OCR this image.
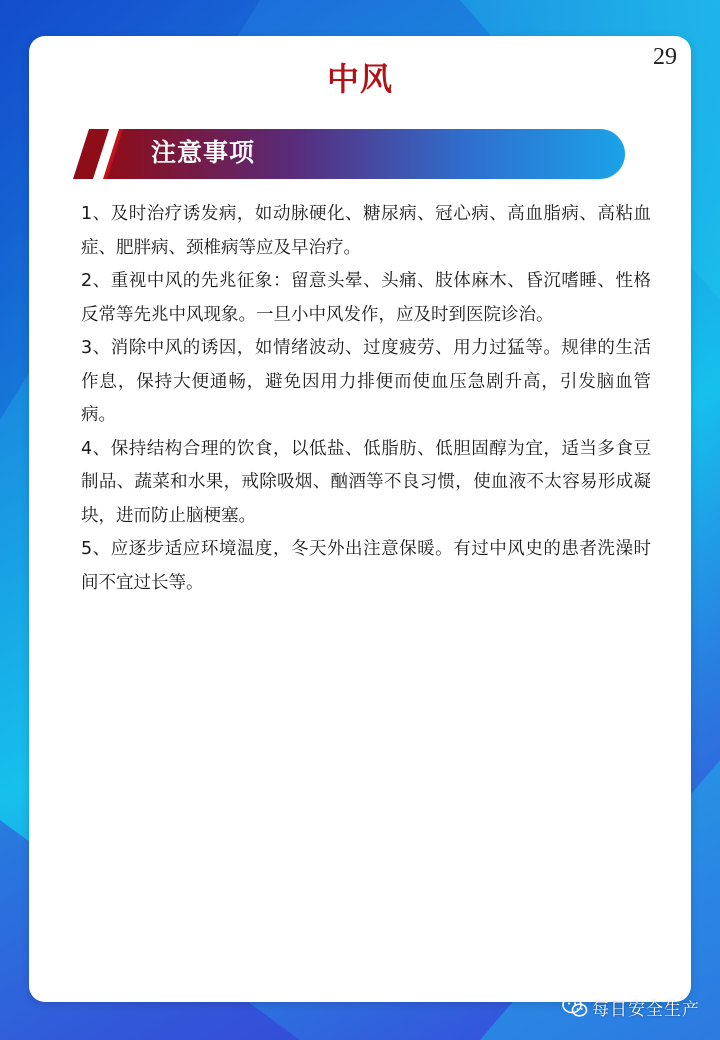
中风
29
注意事项

1、及时治疗诱发病，如动脉硬化、糖尿病、冠心病、高血脂病、高粘血症、肥胖病、颈椎病等应及早治疗。

2、重视中风的先兆征象：留意头晕、头痛、肢体麻木、昏沉嗜睡、性格反常等先兆中风现象。一旦小中风发作，应及时到医院诊治。

3、消除中风的诱因，如情绪波动、过度疲劳、用力过猛等。规律的生活作息，保持大便通畅，避免因用力排便而使血压急剧升高，引发脑血管病。

4、保持结构合理的饮食，以低盐、低脂肪、低胆固醇为宜，适当多食豆制品、蔬菜和水果，戒除吸烟、酗酒等不良习惯，使血液不太容易形成凝块，进而防止脑梗塞。

5、应逐步适应环境温度，冬天外出注意保暖。有过中风史的患者洗澡时间不宜过长等。

每日安全生产
